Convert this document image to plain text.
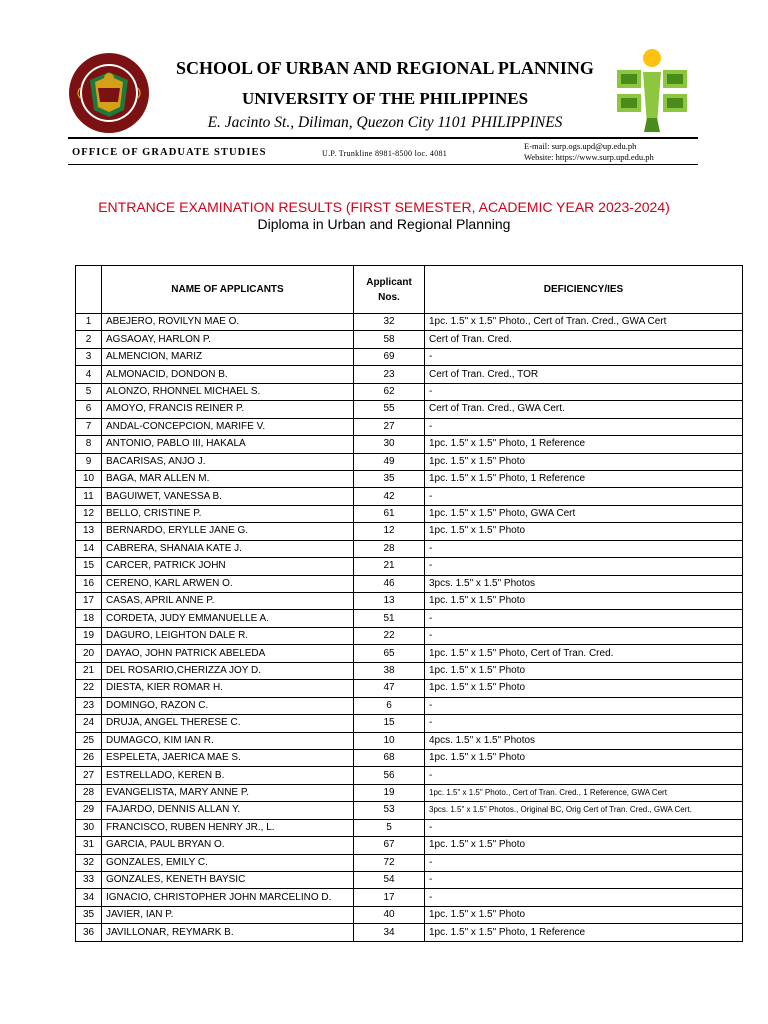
SCHOOL OF URBAN AND REGIONAL PLANNING
UNIVERSITY OF THE PHILIPPINES
E. Jacinto St., Diliman, Quezon City 1101 PHILIPPINES
OFFICE OF GRADUATE STUDIES	U.P. Trunkline 8981-8500 loc. 4081
E-mail: surp.ogs.upd@up.edu.ph
Website: https://www.surp.upd.edu.ph
ENTRANCE EXAMINATION RESULTS (FIRST SEMESTER, ACADEMIC YEAR 2023-2024)
Diploma in Urban and Regional Planning
	NAME OF APPLICANTS	Applicant Nos.	DEFICIENCY/IES
1	ABEJERO, ROVILYN MAE O.	32	1pc. 1.5" x 1.5" Photo., Cert of Tran. Cred., GWA Cert
2	AGSAOAY, HARLON P.	58	Cert of Tran. Cred.
3	ALMENCION, MARIZ	69	-
4	ALMONACID, DONDON B.	23	Cert of Tran. Cred., TOR
5	ALONZO, RHONNEL MICHAEL S.	62	-
6	AMOYO, FRANCIS REINER P.	55	Cert of Tran. Cred., GWA Cert.
7	ANDAL-CONCEPCION, MARIFE V.	27	-
8	ANTONIO, PABLO III, HAKALA	30	1pc. 1.5" x 1.5" Photo, 1 Reference
9	BACARISAS, ANJO J.	49	1pc. 1.5" x 1.5" Photo
10	BAGA, MAR ALLEN M.	35	1pc. 1.5" x 1.5" Photo, 1 Reference
11	BAGUIWET, VANESSA B.	42	-
12	BELLO, CRISTINE P.	61	1pc. 1.5" x 1.5" Photo, GWA Cert
13	BERNARDO, ERYLLE JANE G.	12	1pc. 1.5" x 1.5" Photo
14	CABRERA, SHANAIA KATE J.	28	-
15	CARCER, PATRICK JOHN	21	-
16	CERENO, KARL ARWEN O.	46	3pcs. 1.5" x 1.5" Photos
17	CASAS, APRIL ANNE P.	13	1pc. 1.5" x 1.5" Photo
18	CORDETA, JUDY EMMANUELLE A.	51	-
19	DAGURO, LEIGHTON DALE R.	22	-
20	DAYAO, JOHN PATRICK ABELEDA	65	1pc. 1.5" x 1.5" Photo, Cert of Tran. Cred.
21	DEL ROSARIO,CHERIZZA JOY D.	38	1pc. 1.5" x 1.5" Photo
22	DIESTA, KIER ROMAR H.	47	1pc. 1.5" x 1.5" Photo
23	DOMINGO, RAZON C.	6	-
24	DRUJA, ANGEL THERESE C.	15	-
25	DUMAGCO, KIM IAN R.	10	4pcs. 1.5" x 1.5" Photos
26	ESPELETA, JAERICA MAE S.	68	1pc. 1.5" x 1.5" Photo
27	ESTRELLADO, KEREN B.	56	-
28	EVANGELISTA, MARY ANNE P.	19	1pc. 1.5" x 1.5" Photo., Cert of Tran. Cred., 1 Reference, GWA Cert
29	FAJARDO, DENNIS ALLAN Y.	53	3pcs. 1.5" x 1.5" Photos., Original BC, Orig Cert of Tran. Cred., GWA Cert.
30	FRANCISCO, RUBEN HENRY JR., L.	5	-
31	GARCIA, PAUL BRYAN O.	67	1pc. 1.5" x 1.5" Photo
32	GONZALES, EMILY C.	72	-
33	GONZALES, KENETH BAYSIC	54	-
34	IGNACIO, CHRISTOPHER JOHN MARCELINO D.	17	-
35	JAVIER, IAN P.	40	1pc. 1.5" x 1.5" Photo
36	JAVILLONAR, REYMARK B.	34	1pc. 1.5" x 1.5" Photo, 1 Reference
